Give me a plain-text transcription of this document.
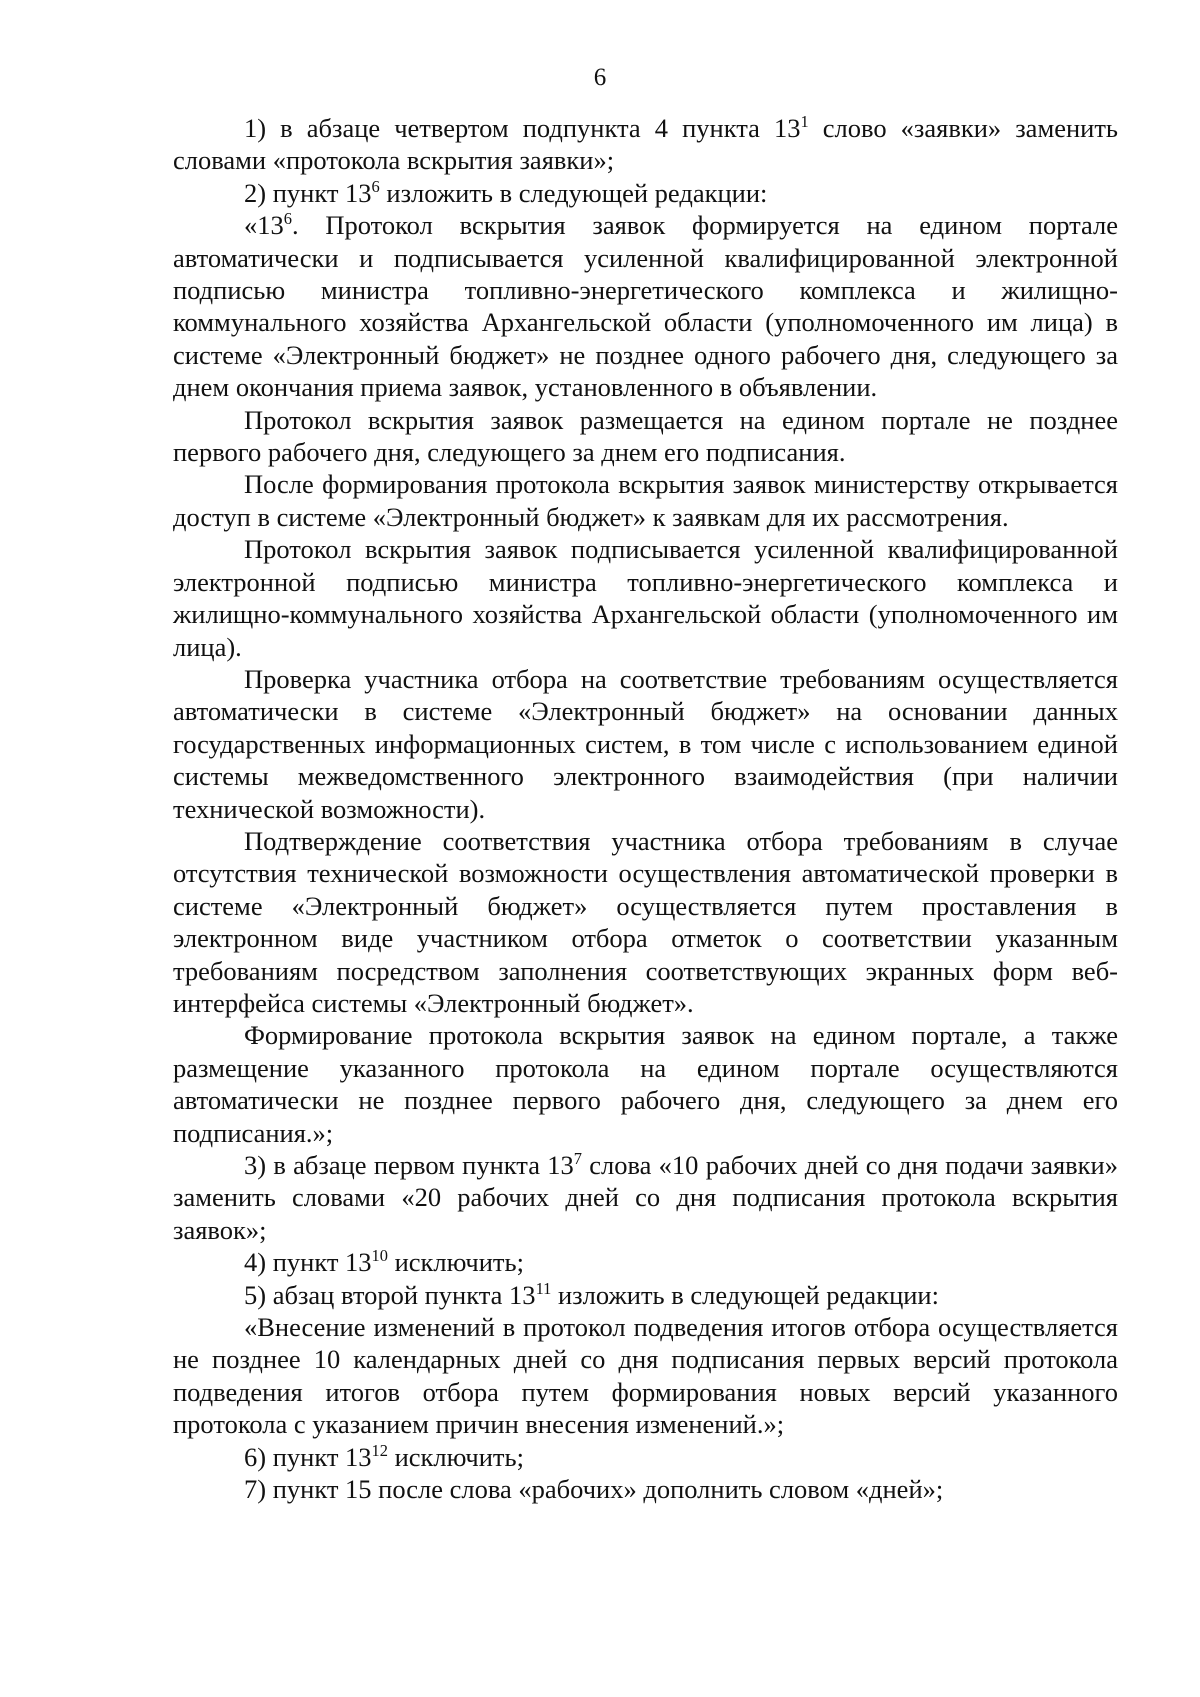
6

1) в абзаце четвертом подпункта 4 пункта $13^1$ слово «заявки» заменить словами «протокола вскрытия заявки»;

2) пункт $13^6$ изложить в следующей редакции:

«$13^6$. Протокол вскрытия заявок формируется на едином портале автоматически и подписывается усиленной квалифицированной электронной подписью министра топливно-энергетического комплекса и жилищно-коммунального хозяйства Архангельской области (уполномоченного им лица) в системе «Электронный бюджет» не позднее одного рабочего дня, следующего за днем окончания приема заявок, установленного в объявлении.

Протокол вскрытия заявок размещается на едином портале не позднее первого рабочего дня, следующего за днем его подписания.

После формирования протокола вскрытия заявок министерству открывается доступ в системе «Электронный бюджет» к заявкам для их рассмотрения.

Протокол вскрытия заявок подписывается усиленной квалифицированной электронной подписью министра топливно-энергетического комплекса и жилищно-коммунального хозяйства Архангельской области (уполномоченного им лица).

Проверка участника отбора на соответствие требованиям осуществляется автоматически в системе «Электронный бюджет» на основании данных государственных информационных систем, в том числе с использованием единой системы межведомственного электронного взаимодействия (при наличии технической возможности).

Подтверждение соответствия участника отбора требованиям в случае отсутствия технической возможности осуществления автоматической проверки в системе «Электронный бюджет» осуществляется путем проставления в электронном виде участником отбора отметок о соответствии указанным требованиям посредством заполнения соответствующих экранных форм веб-интерфейса системы «Электронный бюджет».

Формирование протокола вскрытия заявок на едином портале, а также размещение указанного протокола на едином портале осуществляются автоматически не позднее первого рабочего дня, следующего за днем его подписания.»;

3) в абзаце первом пункта $13^7$ слова «10 рабочих дней со дня подачи заявки» заменить словами «20 рабочих дней со дня подписания протокола вскрытия заявок»;

4) пункт $13^{10}$ исключить;

5) абзац второй пункта $13^{11}$ изложить в следующей редакции:

«Внесение изменений в протокол подведения итогов отбора осуществляется не позднее 10 календарных дней со дня подписания первых версий протокола подведения итогов отбора путем формирования новых версий указанного протокола с указанием причин внесения изменений.»;

6) пункт $13^{12}$ исключить;

7) пункт 15 после слова «рабочих» дополнить словом «дней»;
